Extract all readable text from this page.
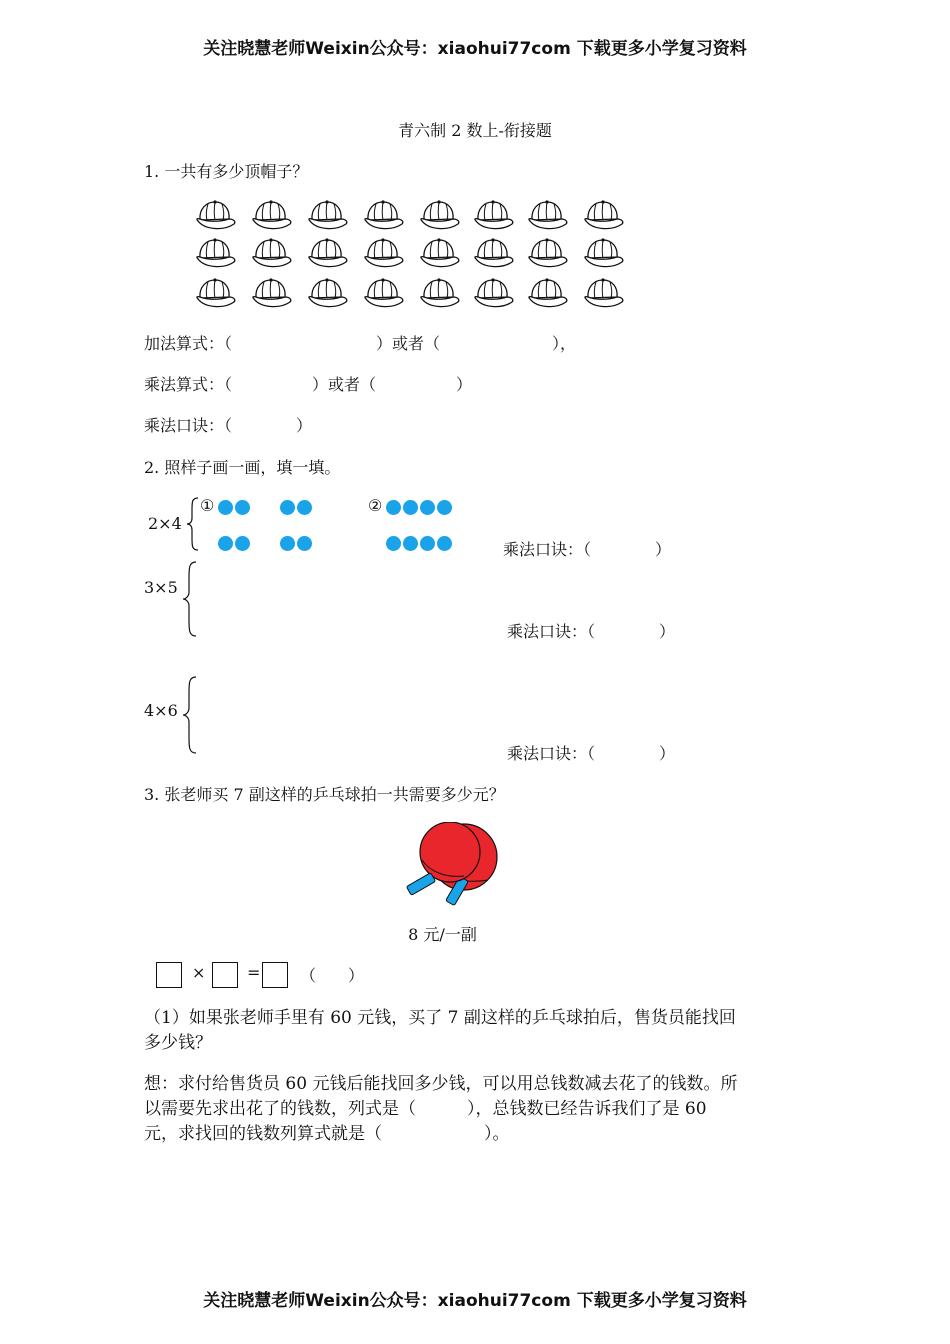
关注晓慧老师Weixin公众号：xiaohui77com 下载更多小学复习资料
青六制 2 数上-衔接题
1. 一共有多少顶帽子？
加法算式：（　　　　　　　　　）或者（　　　　　　　），
乘法算式：（　　　　　）或者（　　　　　）
乘法口诀：（　　　　）
2. 照样子画一画，填一填。
2×4
①	②
乘法口诀：（　　　　）
3×5
乘法口诀：（　　　　）
4×6
乘法口诀：（　　　　）
3. 张老师买 7 副这样的乒乓球拍一共需要多少元？
8 元/一副
×	= （　　）
（1）如果张老师手里有 60 元钱，买了 7 副这样的乒乓球拍后，售货员能找回
多少钱？
想：求付给售货员 60 元钱后能找回多少钱，可以用总钱数减去花了的钱数。所
以需要先求出花了的钱数，列式是（　　　），总钱数已经告诉我们了是 60
元，求找回的钱数列算式就是（　　　　　　）。
关注晓慧老师Weixin公众号：xiaohui77com 下载更多小学复习资料
